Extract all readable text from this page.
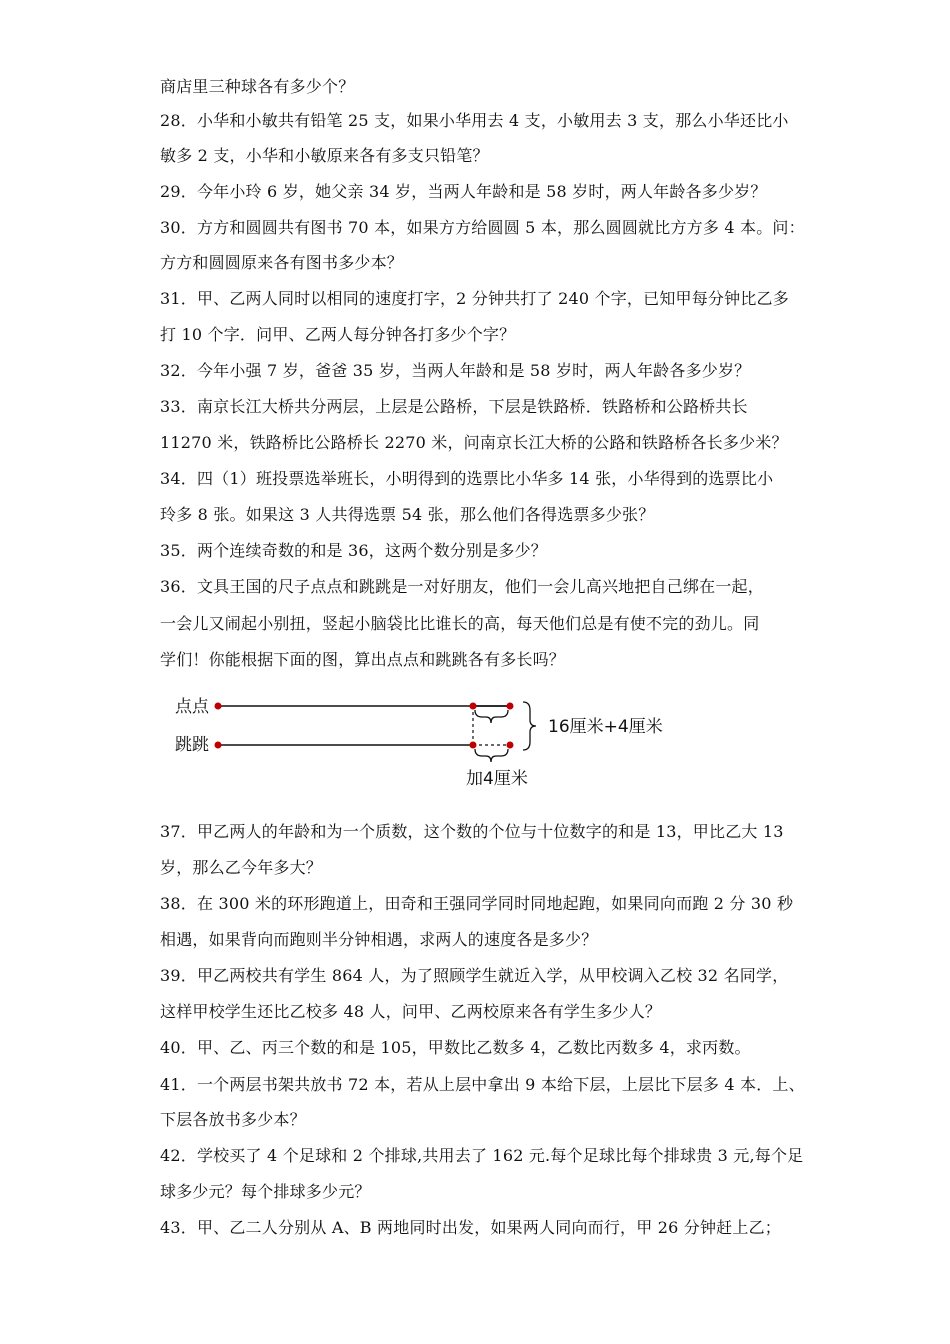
商店里三种球各有多少个？
28．小华和小敏共有铅笔 25 支，如果小华用去 4 支，小敏用去 3 支，那么小华还比小
敏多 2 支，小华和小敏原来各有多支只铅笔？
29．今年小玲 6 岁，她父亲 34 岁，当两人年龄和是 58 岁时，两人年龄各多少岁？
30．方方和圆圆共有图书 70 本，如果方方给圆圆 5 本，那么圆圆就比方方多 4 本。问：
方方和圆圆原来各有图书多少本？
31．甲、乙两人同时以相同的速度打字，2 分钟共打了 240 个字，已知甲每分钟比乙多
打 10 个字．问甲、乙两人每分钟各打多少个字？
32．今年小强 7 岁，爸爸 35 岁，当两人年龄和是 58 岁时，两人年龄各多少岁？
33．南京长江大桥共分两层，上层是公路桥，下层是铁路桥．铁路桥和公路桥共长
11270 米，铁路桥比公路桥长 2270 米，问南京长江大桥的公路和铁路桥各长多少米？
34．四（1）班投票选举班长，小明得到的选票比小华多 14 张，小华得到的选票比小
玲多 8 张。如果这 3 人共得选票 54 张，那么他们各得选票多少张？
35．两个连续奇数的和是 36，这两个数分别是多少？
36．文具王国的尺子点点和跳跳是一对好朋友，他们一会儿高兴地把自己绑在一起，
一会儿又闹起小别扭，竖起小脑袋比比谁长的高，每天他们总是有使不完的劲儿。同
学们！你能根据下面的图，算出点点和跳跳各有多长吗？
点点
跳跳
16厘米+4厘米
加4厘米
37．甲乙两人的年龄和为一个质数，这个数的个位与十位数字的和是 13，甲比乙大 13
岁，那么乙今年多大？
38．在 300 米的环形跑道上，田奇和王强同学同时同地起跑，如果同向而跑 2 分 30 秒
相遇，如果背向而跑则半分钟相遇，求两人的速度各是多少？
39．甲乙两校共有学生 864 人，为了照顾学生就近入学，从甲校调入乙校 32 名同学，
这样甲校学生还比乙校多 48 人，问甲、乙两校原来各有学生多少人？
40．甲、乙、丙三个数的和是 105，甲数比乙数多 4，乙数比丙数多 4，求丙数。
41．一个两层书架共放书 72 本，若从上层中拿出 9 本给下层，上层比下层多 4 本．上、
下层各放书多少本？
42．学校买了 4 个足球和 2 个排球,共用去了 162 元.每个足球比每个排球贵 3 元,每个足
球多少元？每个排球多少元？
43．甲、乙二人分别从 A、B 两地同时出发，如果两人同向而行，甲 26 分钟赶上乙；
